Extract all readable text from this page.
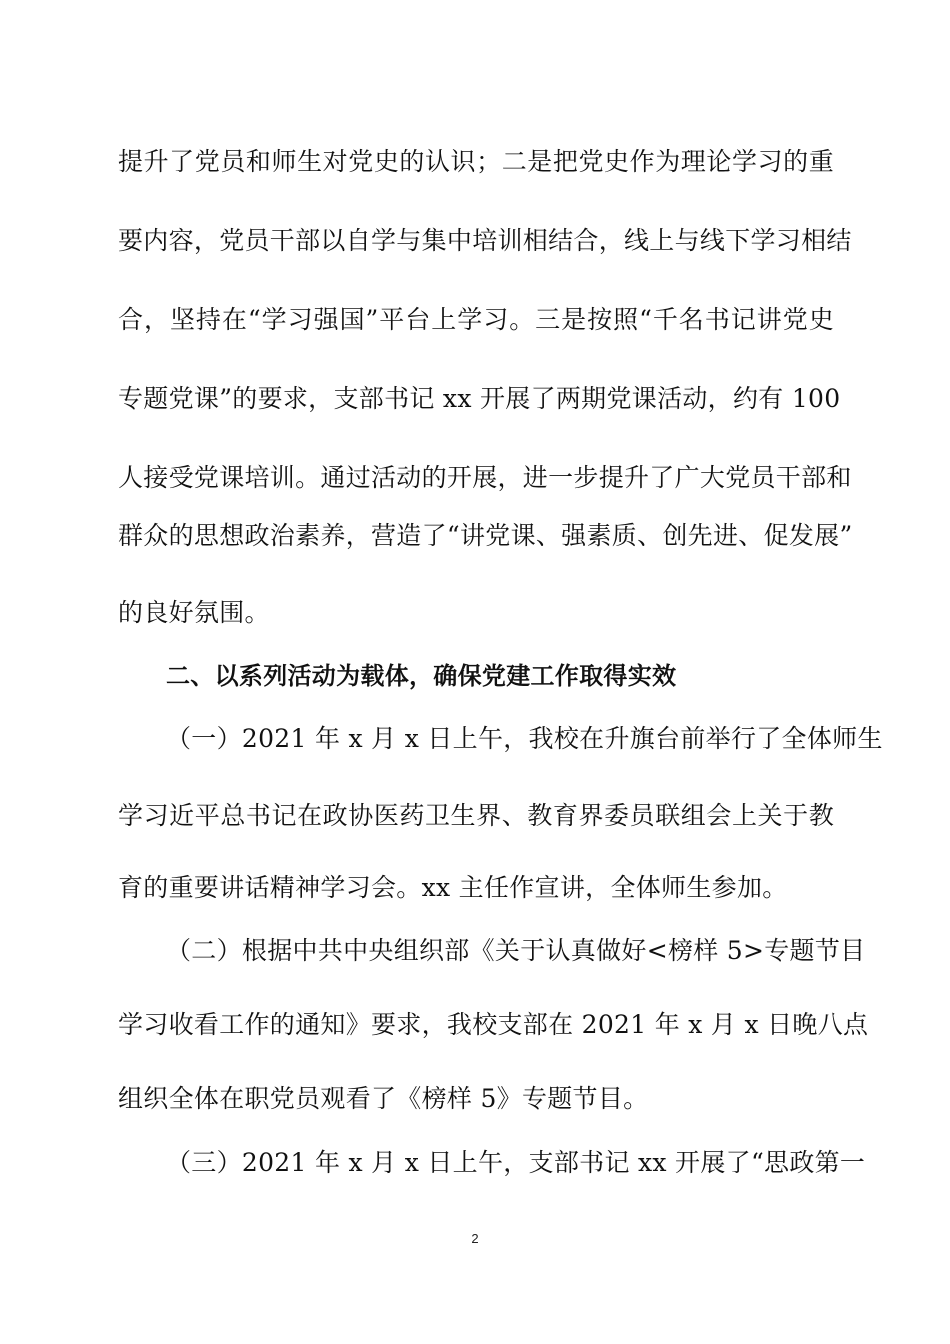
提升了党员和师生对党史的认识；二是把党史作为理论学习的重
要内容，党员干部以自学与集中培训相结合，线上与线下学习相结
合，坚持在“学习强国”平台上学习。三是按照“千名书记讲党史
专题党课”的要求，支部书记 xx 开展了两期党课活动，约有 100
人接受党课培训。通过活动的开展，进一步提升了广大党员干部和
群众的思想政治素养，营造了“讲党课、强素质、创先进、促发展”
的良好氛围。
二、以系列活动为载体，确保党建工作取得实效
（一）2021 年 x 月 x 日上午，我校在升旗台前举行了全体师生
学习近平总书记在政协医药卫生界、教育界委员联组会上关于教
育的重要讲话精神学习会。xx 主任作宣讲，全体师生参加。
（二）根据中共中央组织部《关于认真做好<榜样 5>专题节目
学习收看工作的通知》要求，我校支部在 2021 年 x 月 x 日晚八点
组织全体在职党员观看了《榜样 5》专题节目。
（三）2021 年 x 月 x 日上午，支部书记 xx 开展了“思政第一
2
